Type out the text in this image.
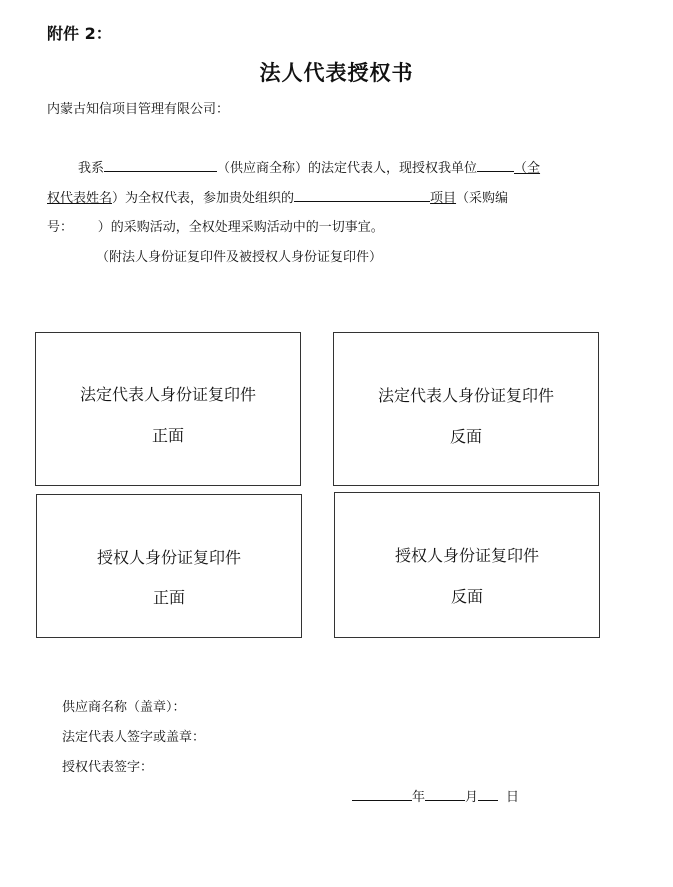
附件 2：
法人代表授权书
内蒙古知信项目管理有限公司：
我系	（供应商全称）的法定代表人，现授权我单位	（全
权代表姓名）为全权代表，参加贵处组织的	项目（采购编
号：      ）的采购活动，全权处理采购活动中的一切事宜。
（附法人身份证复印件及被授权人身份证复印件）
法定代表人身份证复印件
正面
法定代表人身份证复印件
反面
授权人身份证复印件
正面
授权人身份证复印件
反面
供应商名称（盖章）：
法定代表人签字或盖章：
授权代表签字：
年	月 日
